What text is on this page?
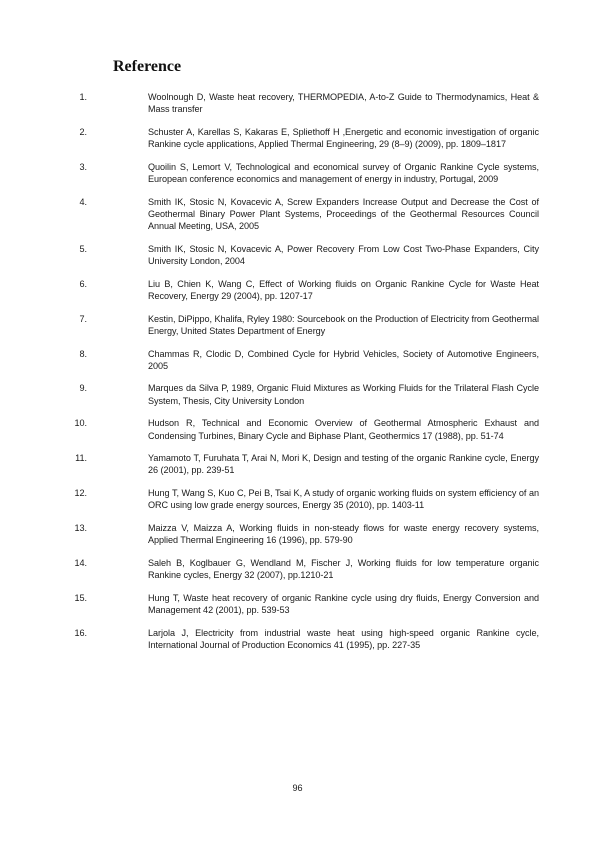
Reference
1.	Woolnough D, Waste heat recovery, THERMOPEDIA, A-to-Z Guide to Thermodynamics, Heat & Mass transfer
2.	Schuster A, Karellas S, Kakaras E, Spliethoff H ,Energetic and economic investigation of organic Rankine cycle applications, Applied Thermal Engineering, 29 (8–9) (2009), pp. 1809–1817
3.	Quoilin S, Lemort V, Technological and economical survey of Organic Rankine Cycle systems, European conference economics and management of energy in industry, Portugal, 2009
4.	Smith IK, Stosic N, Kovacevic A, Screw Expanders Increase Output and Decrease the Cost of Geothermal Binary Power Plant Systems, Proceedings of the Geothermal Resources Council Annual Meeting, USA, 2005
5.	Smith IK, Stosic N, Kovacevic A, Power Recovery From Low Cost Two-Phase Expanders, City University London, 2004
6.	Liu B, Chien K, Wang C, Effect of Working fluids on Organic Rankine Cycle for Waste Heat Recovery, Energy 29 (2004), pp. 1207-17
7.	Kestin, DiPippo, Khalifa, Ryley 1980: Sourcebook on the Production of Electricity from Geothermal Energy, United States Department of Energy
8.	Chammas R, Clodic D, Combined Cycle for Hybrid Vehicles, Society of Automotive Engineers, 2005
9.	Marques da Silva P, 1989, Organic Fluid Mixtures as Working Fluids for the Trilateral Flash Cycle System, Thesis, City University London
10.	Hudson R, Technical and Economic Overview of Geothermal Atmospheric Exhaust and Condensing Turbines, Binary Cycle and Biphase Plant, Geothermics 17 (1988), pp. 51-74
11.	Yamamoto T, Furuhata T, Arai N, Mori K, Design and testing of the organic Rankine cycle, Energy 26 (2001), pp. 239-51
12.	Hung T, Wang S, Kuo C, Pei B, Tsai K, A study of organic working fluids on system efficiency of an ORC using low grade energy sources, Energy 35 (2010), pp. 1403-11
13.	Maizza V, Maizza A, Working fluids in non-steady flows for waste energy recovery systems, Applied Thermal Engineering 16 (1996), pp. 579-90
14.	Saleh B, Koglbauer G, Wendland M, Fischer J, Working fluids for low temperature organic Rankine cycles, Energy 32 (2007), pp.1210-21
15.	Hung T, Waste heat recovery of organic Rankine cycle using dry fluids, Energy Conversion and Management 42 (2001), pp. 539-53
16.	Larjola J, Electricity from industrial waste heat using high-speed organic Rankine cycle, International Journal of Production Economics 41 (1995), pp. 227-35
96
